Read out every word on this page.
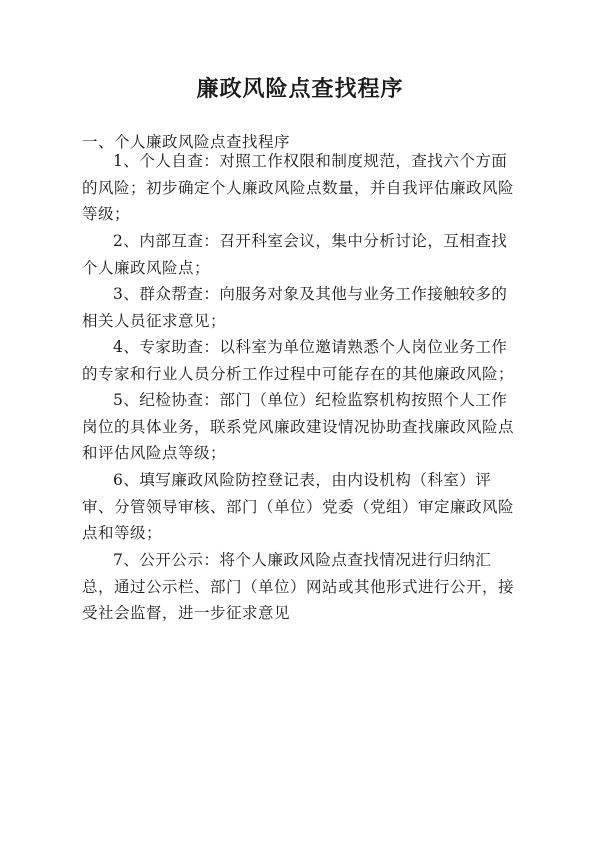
廉政风险点查找程序

一、个人廉政风险点查找程序

1、个人自查：对照工作权限和制度规范，查找六个方面的风险；初步确定个人廉政风险点数量，并自我评估廉政风险等级；

2、内部互查：召开科室会议，集中分析讨论，互相查找个人廉政风险点；

3、群众帮查：向服务对象及其他与业务工作接触较多的相关人员征求意见；

4、专家助查：以科室为单位邀请熟悉个人岗位业务工作的专家和行业人员分析工作过程中可能存在的其他廉政风险；

5、纪检协查：部门（单位）纪检监察机构按照个人工作岗位的具体业务，联系党风廉政建设情况协助查找廉政风险点和评估风险点等级；

6、填写廉政风险防控登记表，由内设机构（科室）评审、分管领导审核、部门（单位）党委（党组）审定廉政风险点和等级；

7、公开公示：将个人廉政风险点查找情况进行归纳汇总，通过公示栏、部门（单位）网站或其他形式进行公开，接受社会监督，进一步征求意见
